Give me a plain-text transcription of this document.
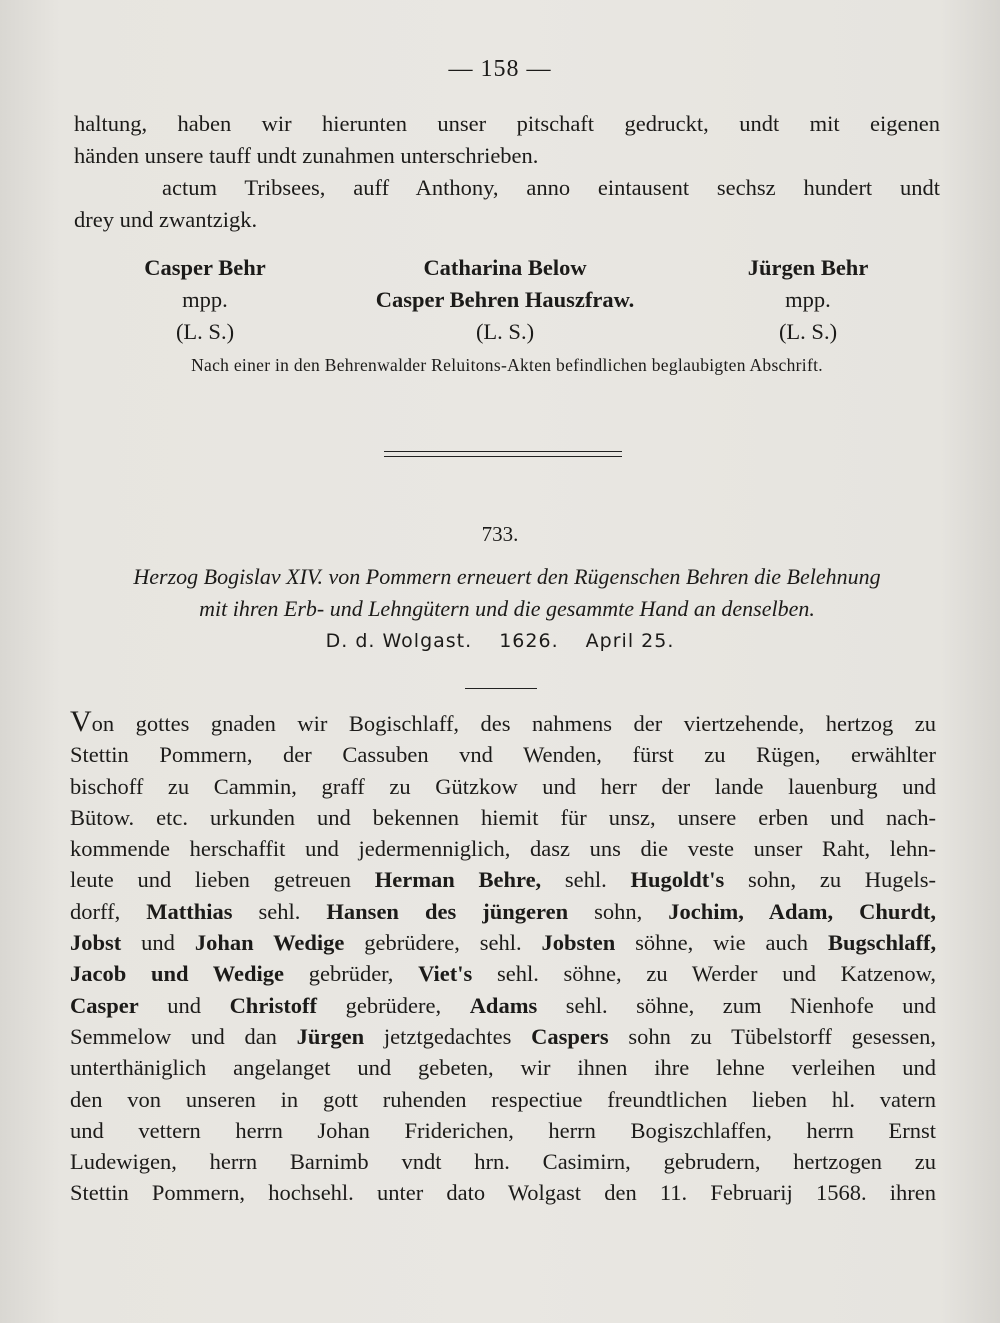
— 158 —
haltung, haben wir hierunten unser pitschaft gedruckt, undt mit eigenen
händen unsere tauff undt zunahmen unterschrieben.
actum Tribsees, auff Anthony, anno eintausent sechsz hundert undt
drey und zwantzigk.
Casper Behr
mpp.
(L. S.)
Catharina Below
Casper Behren Hauszfraw.
(L. S.)
Jürgen Behr
mpp.
(L. S.)
Nach einer in den Behrenwalder Reluitons-Akten befindlichen beglaubigten Abschrift.
733.
Herzog Bogislav XIV. von Pommern erneuert den Rügenschen Behren die Belehnung
mit ihren Erb- und Lehngütern und die gesammte Hand an denselben.
D. d. Wolgast. 1626. April 25.
Von gottes gnaden wir Bogischlaff, des nahmens der viertzehende, hertzog zu
Stettin Pommern, der Cassuben vnd Wenden, fürst zu Rügen, erwählter
bischoff zu Cammin, graff zu Gützkow und herr der lande lauenburg und
Bütow. etc. urkunden und bekennen hiemit für unsz, unsere erben und nach-
kommende herschaffit und jedermenniglich, dasz uns die veste unser Raht, lehn-
leute und lieben getreuen Herman Behre, sehl. Hugoldt's sohn, zu Hugels-
dorff, Matthias sehl. Hansen des jüngeren sohn, Jochim, Adam, Churdt,
Jobst und Johan Wedige gebrüdere, sehl. Jobsten söhne, wie auch Bugschlaff,
Jacob und Wedige gebrüder, Viet's sehl. söhne, zu Werder und Katzenow,
Casper und Christoff gebrüdere, Adams sehl. söhne, zum Nienhofe und
Semmelow und dan Jürgen jetztgedachtes Caspers sohn zu Tübelstorff gesessen,
unterthäniglich angelanget und gebeten, wir ihnen ihre lehne verleihen und
den von unseren in gott ruhenden respectiue freundtlichen lieben hl. vatern
und vettern herrn Johan Friderichen, herrn Bogiszchlaffen, herrn Ernst
Ludewigen, herrn Barnimb vndt hrn. Casimirn, gebrudern, hertzogen zu
Stettin Pommern, hochsehl. unter dato Wolgast den 11. Februarij 1568. ihren
